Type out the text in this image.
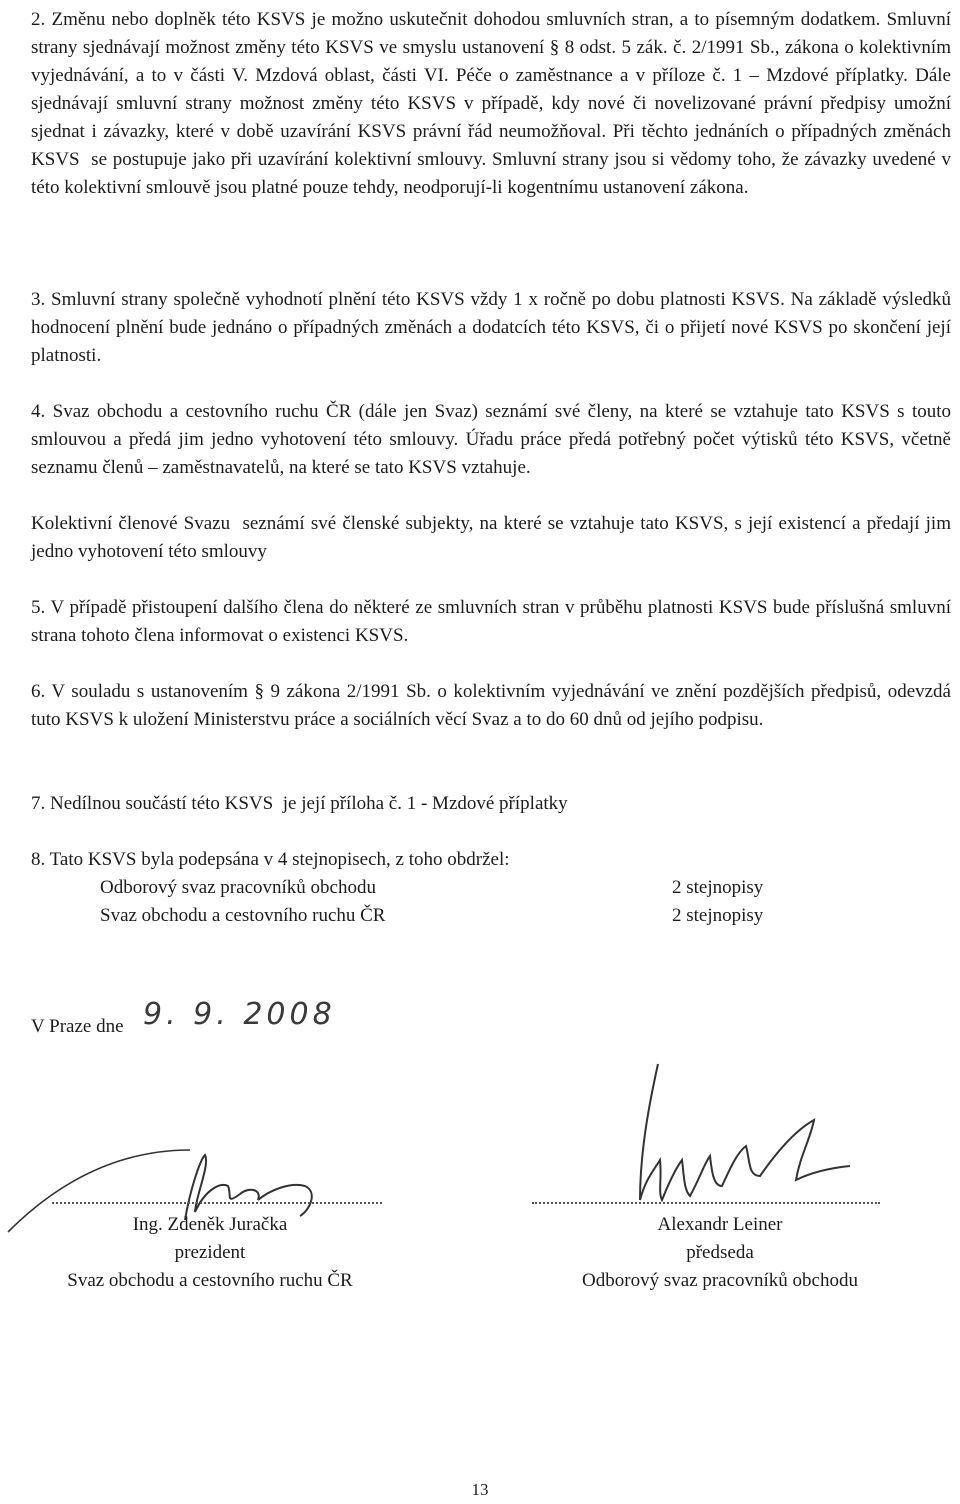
2. Změnu nebo doplněk této KSVS je možno uskutečnit dohodou smluvních stran, a to písemným dodatkem. Smluvní strany sjednávají možnost změny této KSVS ve smyslu ustanovení § 8 odst. 5 zák. č. 2/1991 Sb., zákona o kolektivním vyjednávání, a to v části V. Mzdová oblast, části VI. Péče o zaměstnance a v příloze č. 1 – Mzdové příplatky. Dále sjednávají smluvní strany možnost změny této KSVS v případě, kdy nové či novelizované právní předpisy umožní sjednat i závazky, které v době uzavírání KSVS právní řád neumožňoval. Při těchto jednáních o případných změnách KSVS  se postupuje jako při uzavírání kolektivní smlouvy. Smluvní strany jsou si vědomy toho, že závazky uvedené v této kolektivní smlouvě jsou platné pouze tehdy, neodporují-li kogentnímu ustanovení zákona.

3. Smluvní strany společně vyhodnotí plnění této KSVS vždy 1 x ročně po dobu platnosti KSVS. Na základě výsledků hodnocení plnění bude jednáno o případných změnách a dodatcích této KSVS, či o přijetí nové KSVS po skončení její platnosti.

4. Svaz obchodu a cestovního ruchu ČR (dále jen Svaz) seznámí své členy, na které se vztahuje tato KSVS s touto smlouvou a předá jim jedno vyhotovení této smlouvy. Úřadu práce předá potřebný počet výtisků této KSVS, včetně seznamu členů – zaměstnavatelů, na které se tato KSVS vztahuje.

Kolektivní členové Svazu  seznámí své členské subjekty, na které se vztahuje tato KSVS, s její existencí a předají jim jedno vyhotovení této smlouvy

5. V případě přistoupení dalšího člena do některé ze smluvních stran v průběhu platnosti KSVS bude příslušná smluvní strana tohoto člena informovat o existenci KSVS.

6. V souladu s ustanovením § 9 zákona 2/1991 Sb. o kolektivním vyjednávání ve znění pozdějších předpisů, odevzdá tuto KSVS k uložení Ministerstvu práce a sociálních věcí Svaz a to do 60 dnů od jejího podpisu.

7. Nedílnou součástí této KSVS  je její příloha č. 1 - Mzdové příplatky

8. Tato KSVS byla podepsána v 4 stejnopisech, z toho obdržel:

Odborový svaz pracovníků obchodu	2 stejnopisy
Svaz obchodu a cestovního ruchu ČR	2 stejnopisy
V Praze dne 9. 9. 2008
Ing. Zdeněk Juračka
prezident
Svaz obchodu a cestovního ruchu ČR
Alexandr Leiner
předseda
Odborový svaz pracovníků obchodu
13
